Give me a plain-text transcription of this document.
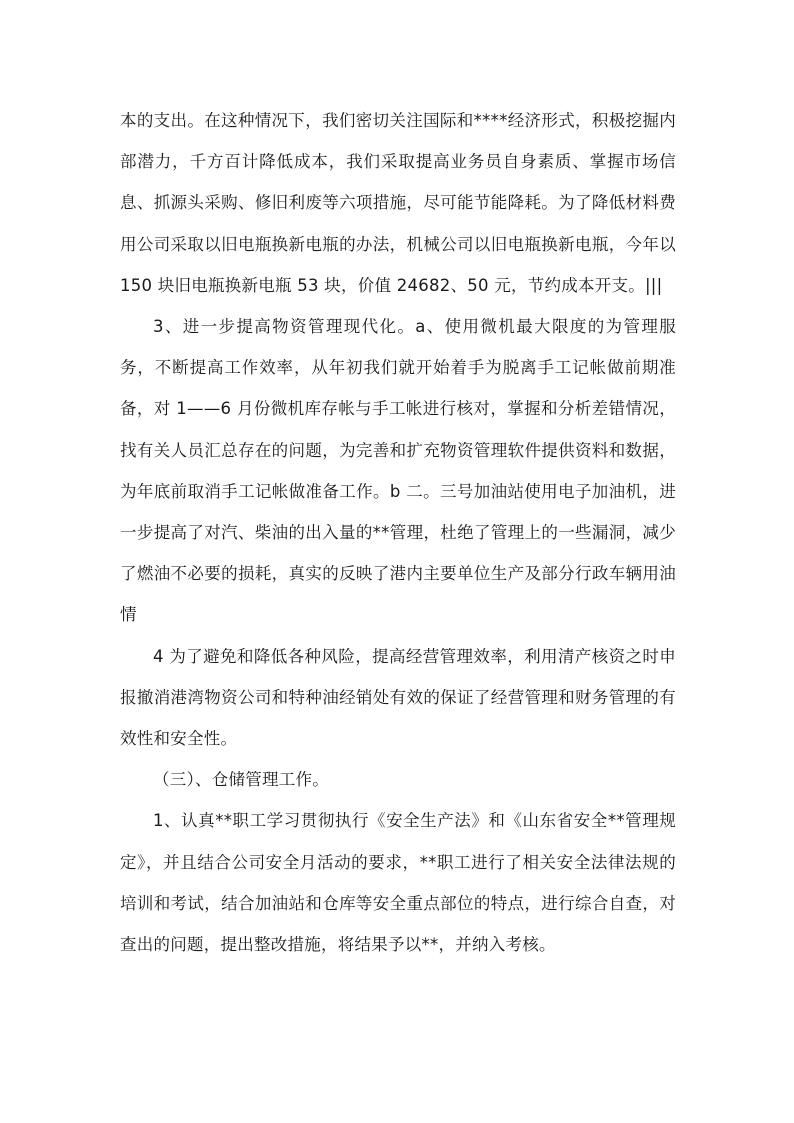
本的支出。在这种情况下，我们密切关注国际和****经济形式，积极挖掘内部潜力，千方百计降低成本，我们采取提高业务员自身素质、掌握市场信息、抓源头采购、修旧利废等六项措施，尽可能节能降耗。为了降低材料费用公司采取以旧电瓶换新电瓶的办法，机械公司以旧电瓶换新电瓶，今年以 150 块旧电瓶换新电瓶 53 块，价值 24682、50 元，节约成本开支。|||

3、进一步提高物资管理现代化。a、使用微机最大限度的为管理服务，不断提高工作效率，从年初我们就开始着手为脱离手工记帐做前期准备，对 1——6 月份微机库存帐与手工帐进行核对，掌握和分析差错情况，找有关人员汇总存在的问题，为完善和扩充物资管理软件提供资料和数据，为年底前取消手工记帐做准备工作。b 二。三号加油站使用电子加油机，进一步提高了对汽、柴油的出入量的**管理，杜绝了管理上的一些漏洞，减少了燃油不必要的损耗，真实的反映了港内主要单位生产及部分行政车辆用油情

4 为了避免和降低各种风险，提高经营管理效率，利用清产核资之时申报撤消港湾物资公司和特种油经销处有效的保证了经营管理和财务管理的有效性和安全性。

（三）、仓储管理工作。

1、认真**职工学习贯彻执行《安全生产法》和《山东省安全**管理规定》，并且结合公司安全月活动的要求，**职工进行了相关安全法律法规的培训和考试，结合加油站和仓库等安全重点部位的特点，进行综合自查，对查出的问题，提出整改措施，将结果予以**，并纳入考核。
